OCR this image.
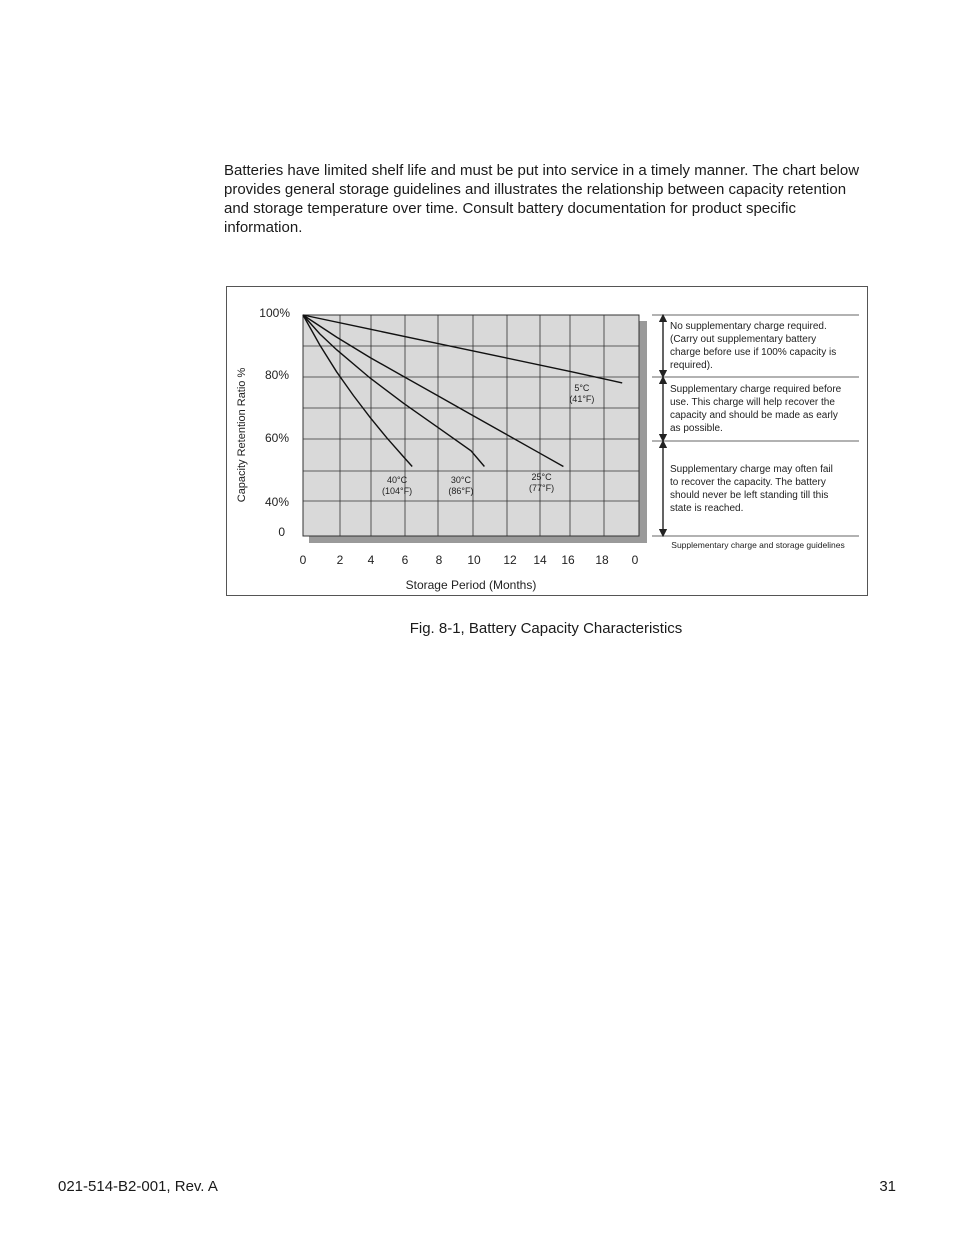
Batteries have limited shelf life and must be put into service in a timely manner. The chart below provides general storage guidelines and illustrates the relationship between capacity retention and storage temperature over time. Consult battery documentation for product specific information.

5°C
(41°F)
25°C
(77°F)
30°C
(86°F)
40°C
(104°F)
100%
80%
60%
40%
0
0	2 4 6 8 10 12 14 16 18 0
No supplementary charge required.
(Carry out supplementary battery
charge before use if 100% capacity is
required).
Supplementary charge required before
use. This charge will help recover the
capacity and should be made as early
as possible.
Supplementary charge may often fail
to recover the capacity. The battery
should never be left standing till this
state is reached.
Supplementary charge and storage guidelines
Capacity Retention Ratio %
Storage Period (Months)
Fig. 8-1, Battery Capacity Characteristics
021-514-B2-001, Rev. A	31
